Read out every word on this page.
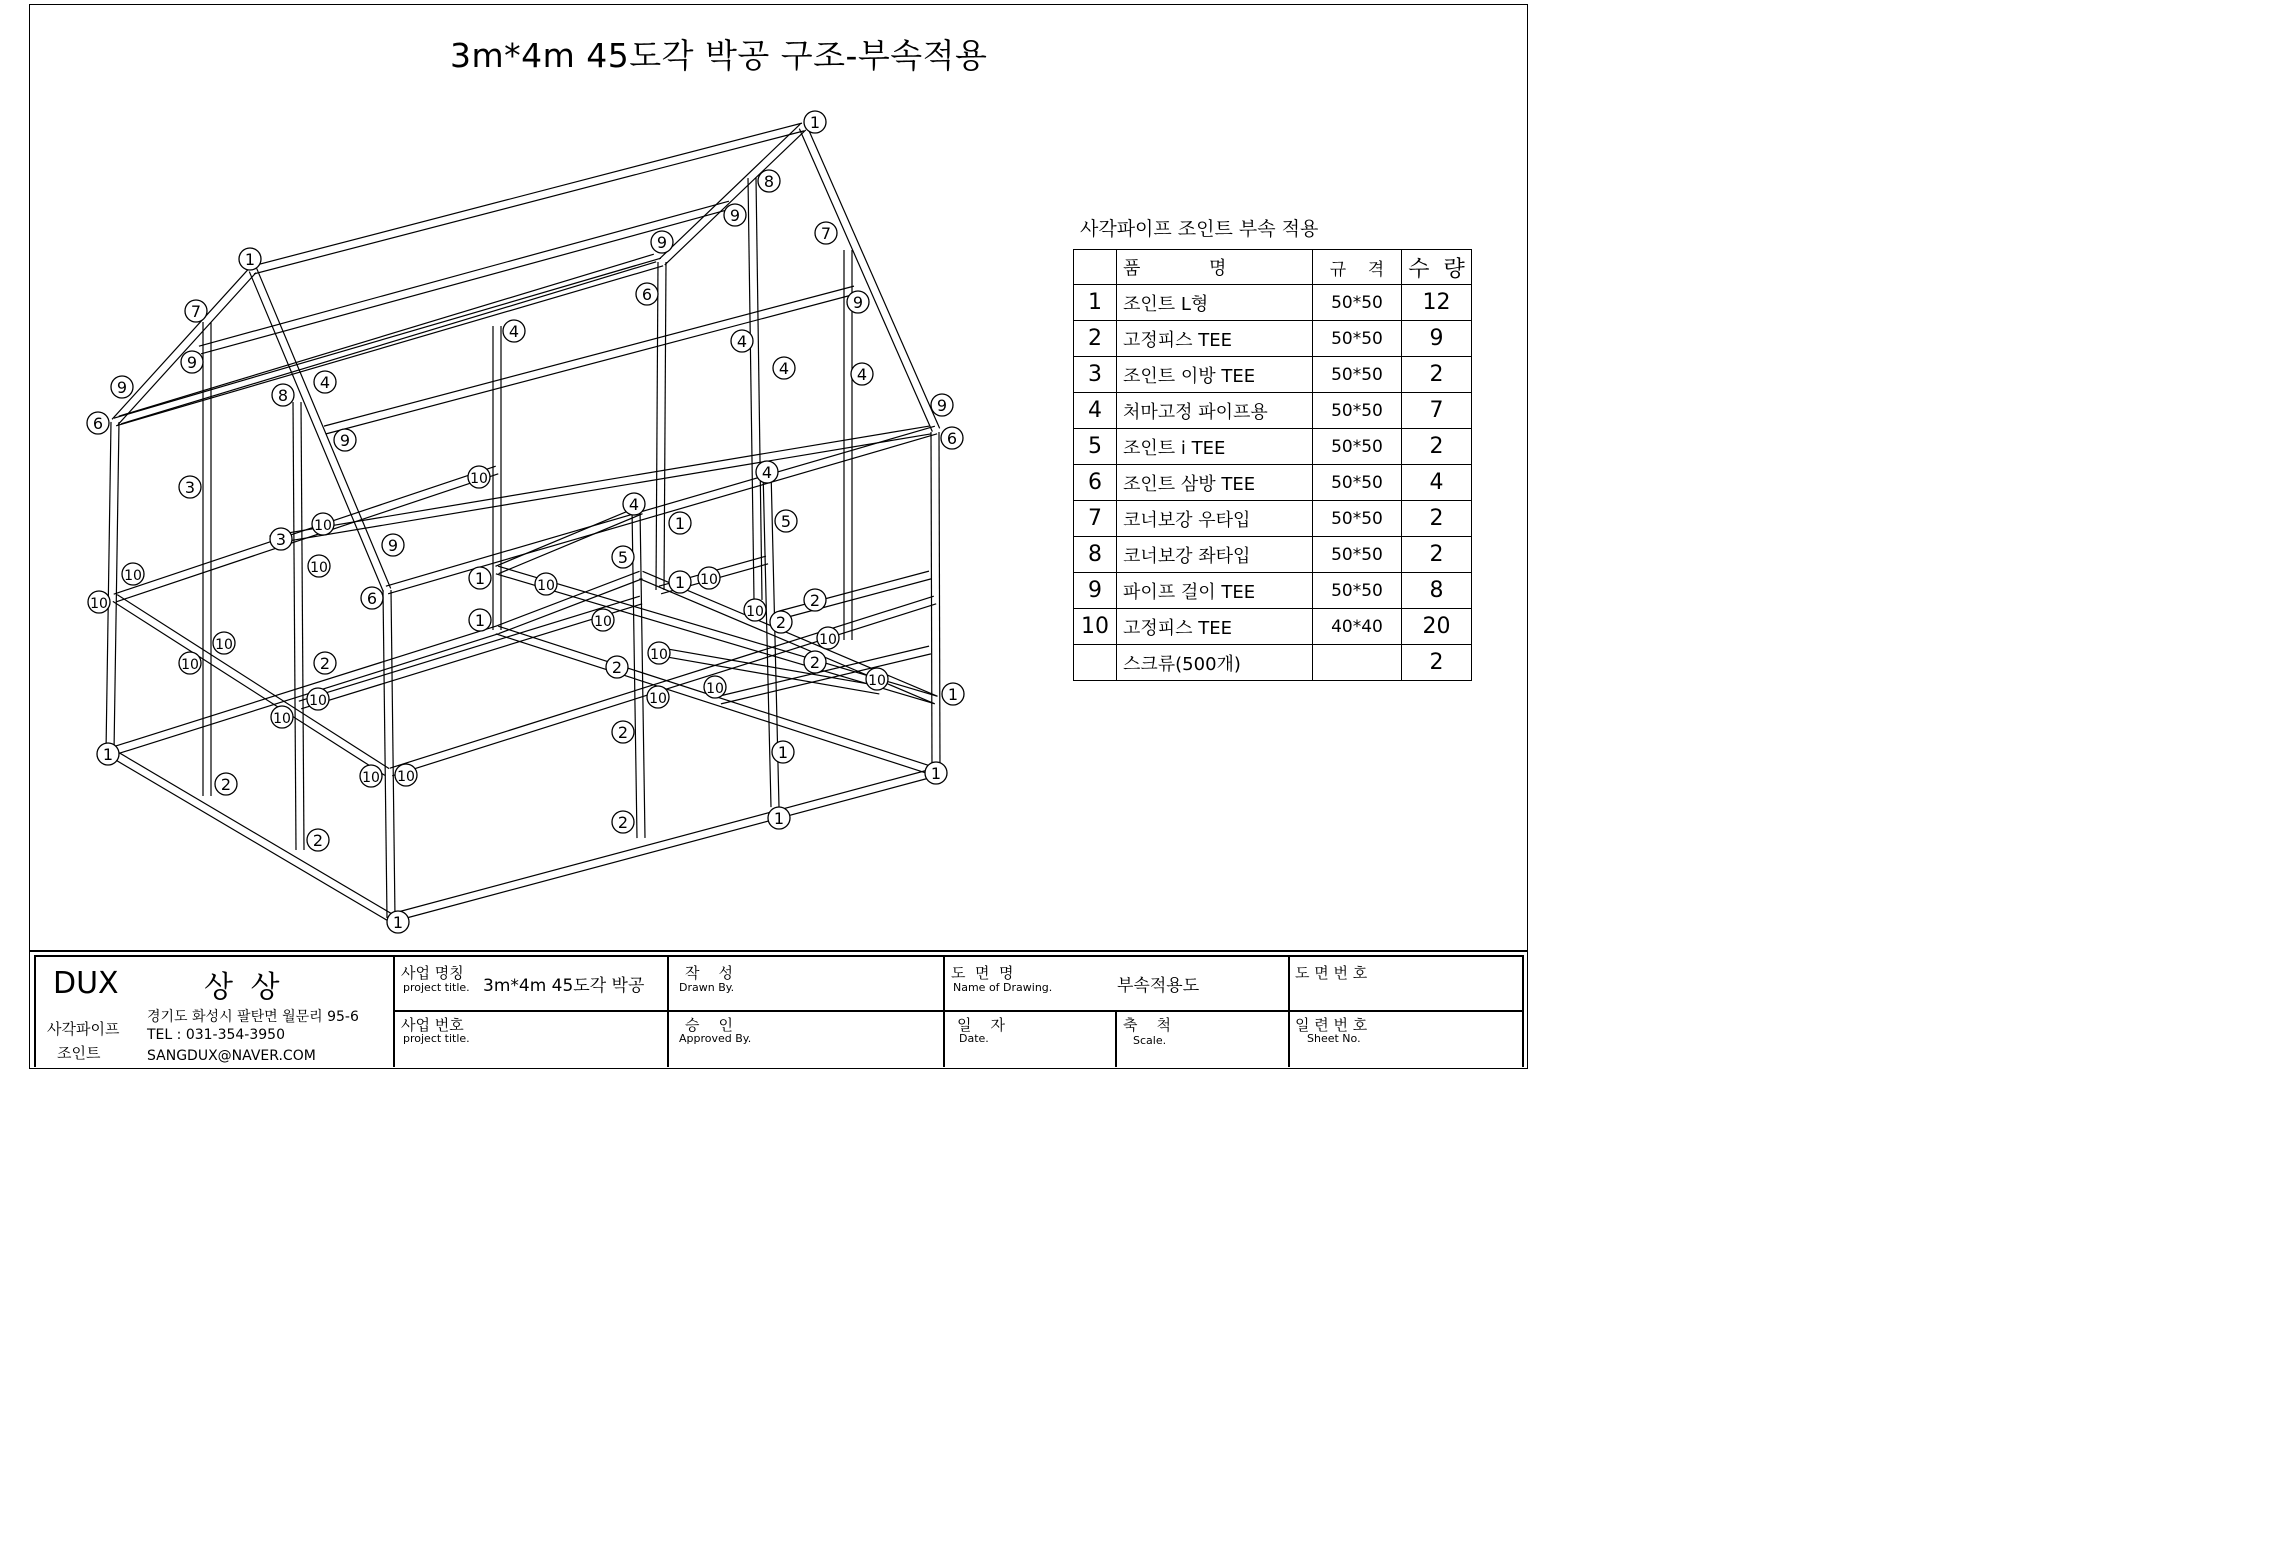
3m*4m 45도각 박공 구조-부속적용
1
1
1
1
1
1
1
1
1
1
1
1
2
2
2
2
2
2
2
2
2
3
3
4
4
4	4
4
4
4
5
5
6
6
6
6
7
7
8
8
9
9
9
9
9
9
9
9
10
10
10
10
10
10
10
10
10
10
10
10
10
10
10
10
10
10
10 10
사각파이프 조인트 부속 적용
	품            명	규    격	수  량
1	조인트 L형	50*50	12
2	고정피스 TEE	50*50	9
3	조인트 이방 TEE	50*50	2
4	처마고정 파이프용	50*50	7
5	조인트 i TEE	50*50	2
6	조인트 삼방 TEE	50*50	4
7	코너보강 우타입	50*50	2
8	코너보강 좌타입	50*50	2
9	파이프 걸이 TEE	50*50	8
10	고정피스 TEE	40*40	20
	스크류(500개)		2
DUX	상 상
사각파이프
조인트
경기도 화성시 팔탄면 월문리 95-6
TEL : 031-354-3950
SANGDUX@NAVER.COM
사업 명칭
project title. 3m*4m 45도각 박공
사업 번호
project title.
작    성
Drawn By.
승    인
Approved By.
도  면  명
Name of Drawing.	부속적용도
일    자
Date.
축    척
Scale.
도 면 번 호
일 련 번 호
Sheet No.
